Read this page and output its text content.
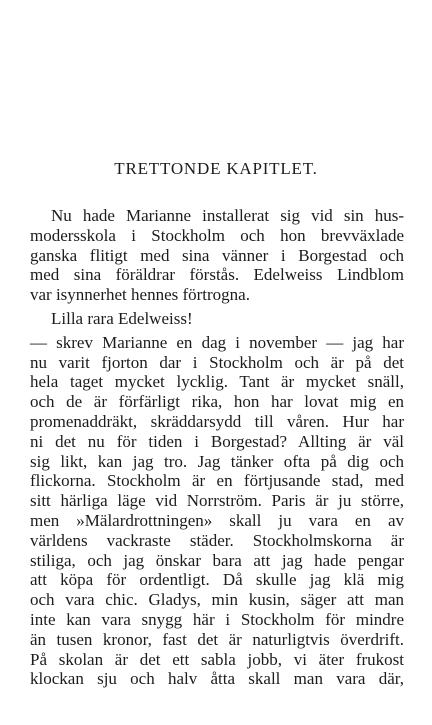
TRETTONDE KAPITLET.
Nu hade Marianne installerat sig vid sin hus-
modersskola i Stockholm och hon brevväxlade
ganska flitigt med sina vänner i Borgestad och
med sina föräldrar förstås. Edelweiss Lindblom
var isynnerhet hennes förtrogna.
Lilla rara Edelweiss!
— skrev Marianne en dag i november — jag har
nu varit fjorton dar i Stockholm och är på det
hela taget mycket lycklig. Tant är mycket snäll,
och de är förfärligt rika, hon har lovat mig en
promenaddräkt, skräddarsydd till våren. Hur har
ni det nu för tiden i Borgestad? Allting är väl
sig likt, kan jag tro. Jag tänker ofta på dig och
flickorna. Stockholm är en förtjusande stad, med
sitt härliga läge vid Norrström. Paris är ju större,
men »Mälardrottningen» skall ju vara en av
världens vackraste städer. Stockholmskorna är
stiliga, och jag önskar bara att jag hade pengar
att köpa för ordentligt. Då skulle jag klä mig
och vara chic. Gladys, min kusin, säger att man
inte kan vara snygg här i Stockholm för mindre
än tusen kronor, fast det är naturligtvis överdrift.
På skolan är det ett sabla jobb, vi äter frukost
klockan sju och halv åtta skall man vara där,
